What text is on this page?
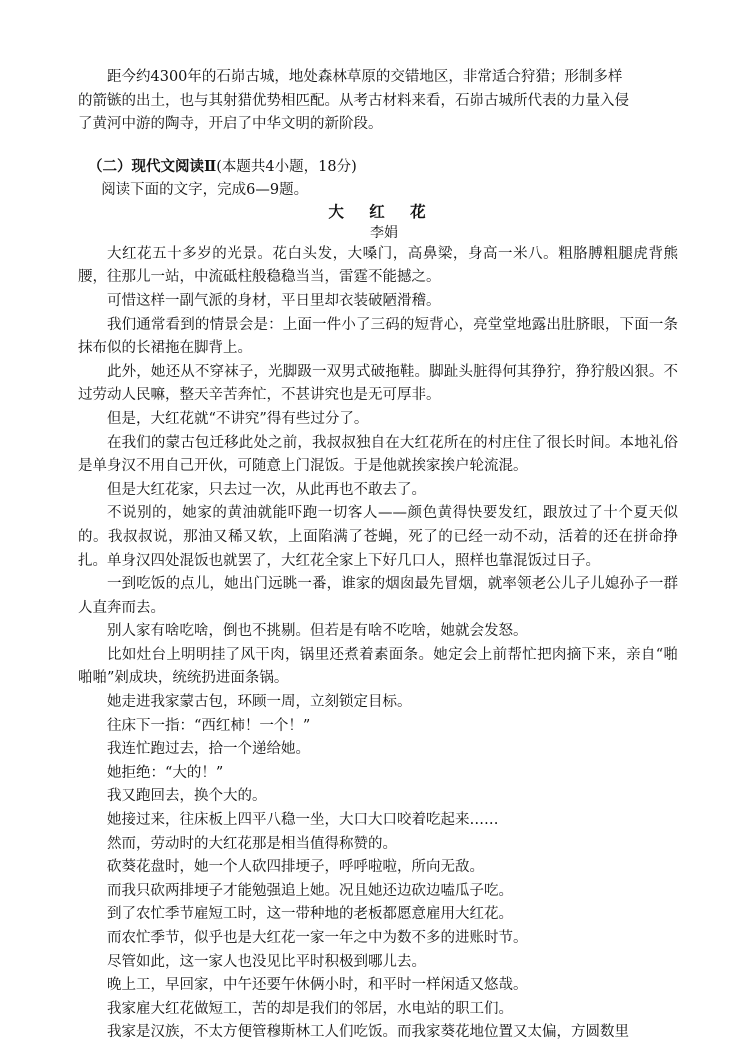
距今约4300年的石峁古城，地处森林草原的交错地区，非常适合狩猎；形制多样

的箭镞的出土，也与其射猎优势相匹配。从考古材料来看，石峁古城所代表的力量入侵

了黄河中游的陶寺，开启了中华文明的新阶段。

（二）现代文阅读Ⅱ(本题共4小题，18分)

阅读下面的文字，完成6—9题。

大 红 花

李娟

大红花五十多岁的光景。花白头发，大嗓门，高鼻梁，身高一米八。粗胳膊粗腿虎背熊腰，往那儿一站，中流砥柱般稳稳当当，雷霆不能撼之。

可惜这样一副气派的身材，平日里却衣装破陋滑稽。

我们通常看到的情景会是：上面一件小了三码的短背心，亮堂堂地露出肚脐眼，下面一条抹布似的长裙拖在脚背上。

此外，她还从不穿袜子，光脚趿一双男式破拖鞋。脚趾头脏得何其狰狞，狰狞般凶狠。不过劳动人民嘛，整天辛苦奔忙，不甚讲究也是无可厚非。

但是，大红花就“不讲究”得有些过分了。

在我们的蒙古包迁移此处之前，我叔叔独自在大红花所在的村庄住了很长时间。本地礼俗是单身汉不用自己开伙，可随意上门混饭。于是他就挨家挨户轮流混。

但是大红花家，只去过一次，从此再也不敢去了。

不说别的，她家的黄油就能吓跑一切客人——颜色黄得快要发红，跟放过了十个夏天似的。我叔叔说，那油又稀又软，上面陷满了苍蝇，死了的已经一动不动，活着的还在拼命挣扎。单身汉四处混饭也就罢了，大红花全家上下好几口人，照样也靠混饭过日子。

一到吃饭的点儿，她出门远眺一番，谁家的烟囱最先冒烟，就率领老公儿子儿媳孙子一群人直奔而去。

别人家有啥吃啥，倒也不挑剔。但若是有啥不吃啥，她就会发怒。

比如灶台上明明挂了风干肉，锅里还煮着素面条。她定会上前帮忙把肉摘下来，亲自“啪啪啪”剁成块，统统扔进面条锅。

她走进我家蒙古包，环顾一周，立刻锁定目标。

往床下一指：“西红柿！一个！”

我连忙跑过去，拾一个递给她。

她拒绝：“大的！”

我又跑回去，换个大的。

她接过来，往床板上四平八稳一坐，大口大口咬着吃起来……

然而，劳动时的大红花那是相当值得称赞的。

砍葵花盘时，她一个人砍四排埂子，呼呼啦啦，所向无敌。

而我只砍两排埂子才能勉强追上她。况且她还边砍边嗑瓜子吃。

到了农忙季节雇短工时，这一带种地的老板都愿意雇用大红花。

而农忙季节，似乎也是大红花一家一年之中为数不多的进账时节。

尽管如此，这一家人也没见比平时积极到哪儿去。

晚上工，早回家，中午还要午休俩小时，和平时一样闲适又悠哉。

我家雇大红花做短工，苦的却是我们的邻居，水电站的职工们。

我家是汉族，不太方便管穆斯林工人们吃饭。而我家葵花地位置又太偏，方圆数里
